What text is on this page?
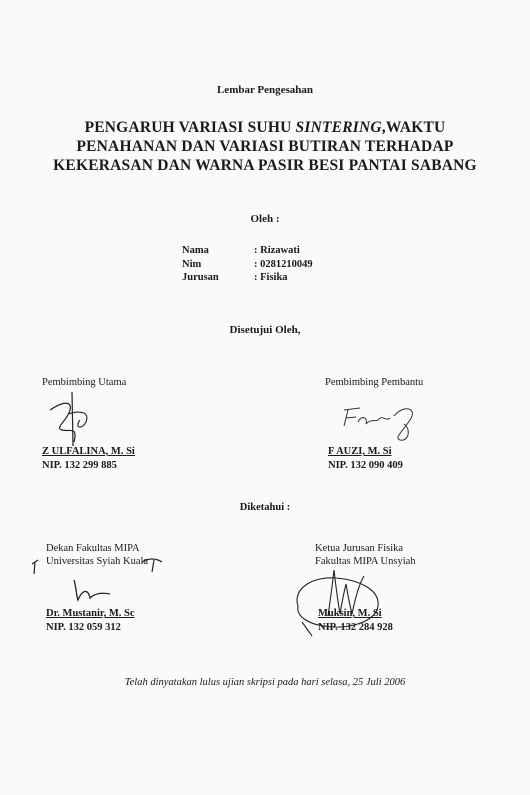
Lembar Pengesahan
PENGARUH VARIASI SUHU SINTERING,WAKTU PENAHANAN DAN VARIASI BUTIRAN TERHADAP KEKERASAN DAN WARNA PASIR BESI PANTAI SABANG
Oleh :
Nama	: Rizawati
Nim	: 0281210049
Jurusan	: Fisika
Disetujui Oleh,
Pembimbing Utama
Z ULFALINA, M. Si
NIP. 132 299 885
Pembimbing Pembantu
F AUZI, M. Si
NIP. 132 090 409
Diketahui :
Dekan Fakultas MIPA
Universitas Syiah Kuala
Dr. Mustanir, M. Sc
NIP. 132 059 312
Ketua Jurusan Fisika
Fakultas MIPA Unsyiah
Muksin, M. Si
NIP. 132 284 928
Telah dinyatakan lulus ujian skripsi pada hari selasa, 25 Juli 2006
